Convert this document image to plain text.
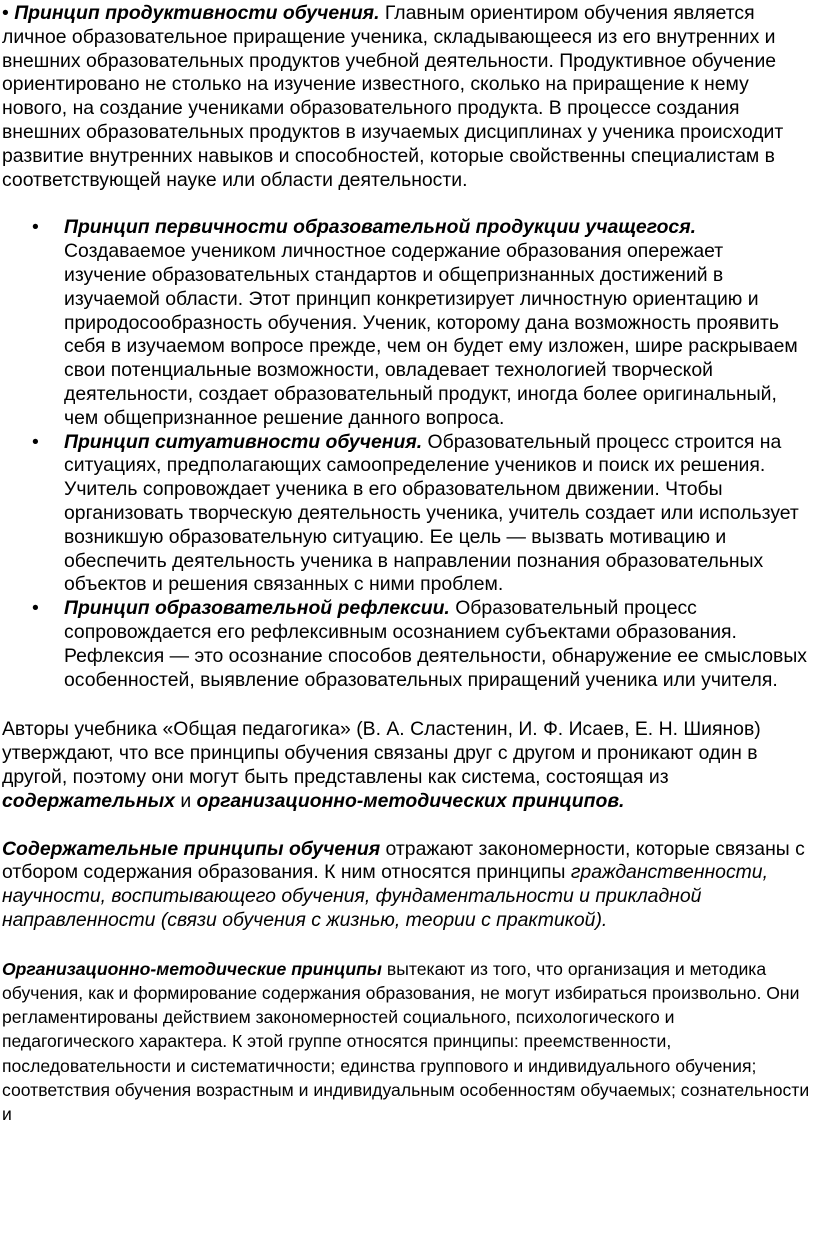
• Принцип продуктивности обучения. Главным ориентиром обучения является личное образовательное приращение ученика, складывающееся из его внутренних и внешних образовательных продуктов учебной деятельности. Продуктивное обучение ориентировано не столько на изучение известного, сколько на приращение к нему нового, на создание учениками образовательного продукта. В процессе создания внешних образовательных продуктов в изучаемых дисциплинах у ученика происходит развитие внутренних навыков и способностей, которые свойственны специалистам в соответствующей науке или области деятельности.

• Принцип первичности образовательной продукции учащегося. Создаваемое учеником личностное содержание образования опережает изучение образовательных стандартов и общепризнанных достижений в изучаемой области. Этот принцип конкретизирует личностную ориентацию и природосообразность обучения. Ученик, которому дана возможность проявить себя в изучаемом вопросе прежде, чем он будет ему изложен, шире раскрываем свои потенциальные возможности, овладевает технологией творческой деятельности, создает образовательный продукт, иногда более оригинальный, чем общепризнанное решение данного вопроса.
• Принцип ситуативности обучения. Образовательный процесс строится на ситуациях, предполагающих самоопределение учеников и поиск их решения. Учитель сопровождает ученика в его образовательном движении. Чтобы организовать творческую деятельность ученика, учитель создает или использует возникшую образовательную ситуацию. Ее цель — вызвать мотивацию и обеспечить деятельность ученика в направлении познания образовательных объектов и решения связанных с ними проблем.
• Принцип образовательной рефлексии. Образовательный процесс сопровождается его рефлексивным осознанием субъектами образования. Рефлексия — это осознание способов деятельности, обнаружение ее смысловых особенностей, выявление образовательных приращений ученика или учителя.

Авторы учебника «Общая педагогика» (В. А. Сластенин, И. Ф. Исаев, Е. Н. Шиянов) утверждают, что все принципы обучения связаны друг с другом и проникают один в другой, поэтому они могут быть представлены как система, состоящая из содержательных и организационно-методических принципов.

Содержательные принципы обучения отражают закономерности, которые связаны с отбором содержания образования. К ним относятся принципы гражданственности, научности, воспитывающего обучения, фундаментальности и прикладной направленности (связи обучения с жизнью, теории с практикой).

Организационно-методические принципы вытекают из того, что организация и методика обучения, как и формирование содержания образования, не могут избираться произвольно. Они регламентированы действием закономерностей социального, психологического и педагогического характера. К этой группе относятся принципы: преемственности, последовательности и систематичности; единства группового и индивидуального обучения; соответствия обучения возрастным и индивидуальным особенностям обучаемых; сознательности и
